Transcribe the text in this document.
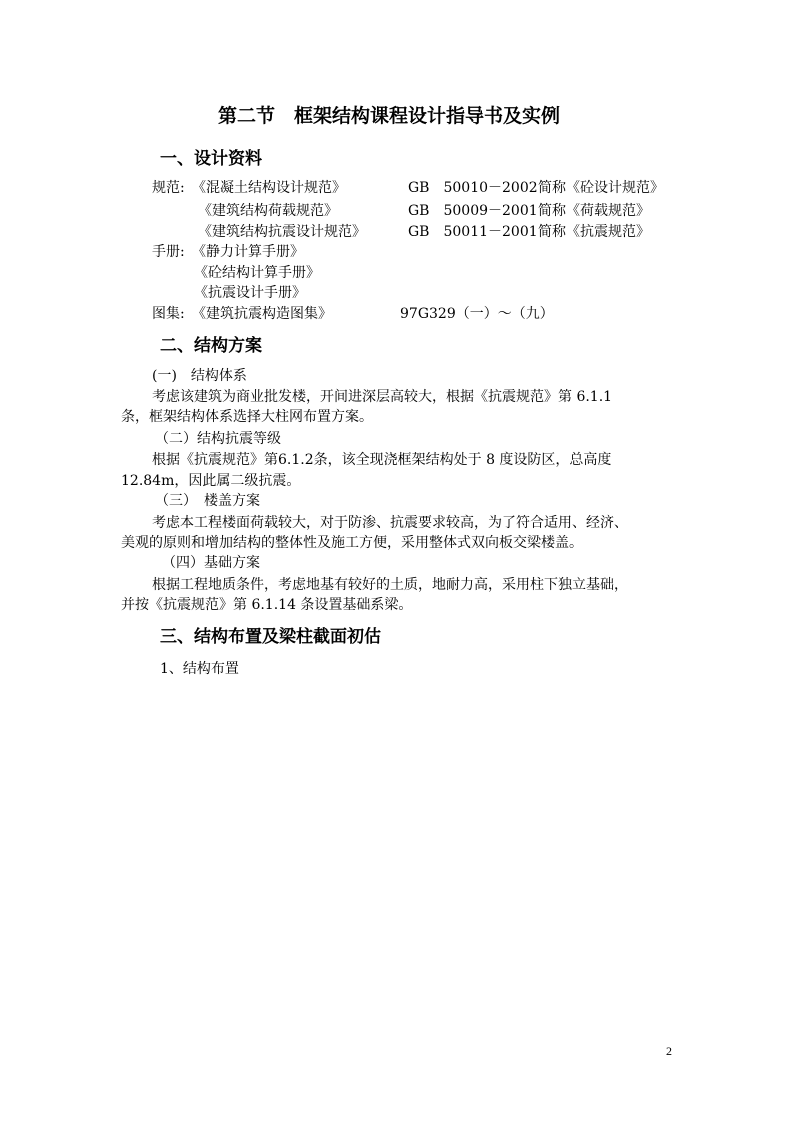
第二节　框架结构课程设计指导书及实例
一、设计资料
规范: 《混凝土结构设计规范》	GB　50010－2002 简称《砼设计规范》
《建筑结构荷载规范》	GB　50009－2001 简称《荷载规范》
《建筑结构抗震设计规范》	GB　50011－2001 简称《抗震规范》
手册: 《静力计算手册》
《砼结构计算手册》
《抗震设计手册》
图集: 《建筑抗震构造图集》	97G329（一）～（九）
二、结构方案
(一)　结构体系
考虑该建筑为商业批发楼，开间进深层高较大，根据《抗震规范》第 6.1.1
条，框架结构体系选择大柱网布置方案。
（二）结构抗震等级
根据《抗震规范》第6.1.2条，该全现浇框架结构处于 8 度设防区，总高度
12.84m，因此属二级抗震。
（三）　楼盖方案
考虑本工程楼面荷载较大，对于防渗、抗震要求较高，为了符合适用、经济、
美观的原则和增加结构的整体性及施工方便，采用整体式双向板交梁楼盖。
（四）基础方案
根据工程地质条件，考虑地基有较好的土质，地耐力高，采用柱下独立基础，
并按《抗震规范》第 6.1.14 条设置基础系梁。
三、结构布置及梁柱截面初估
1、结构布置
2
